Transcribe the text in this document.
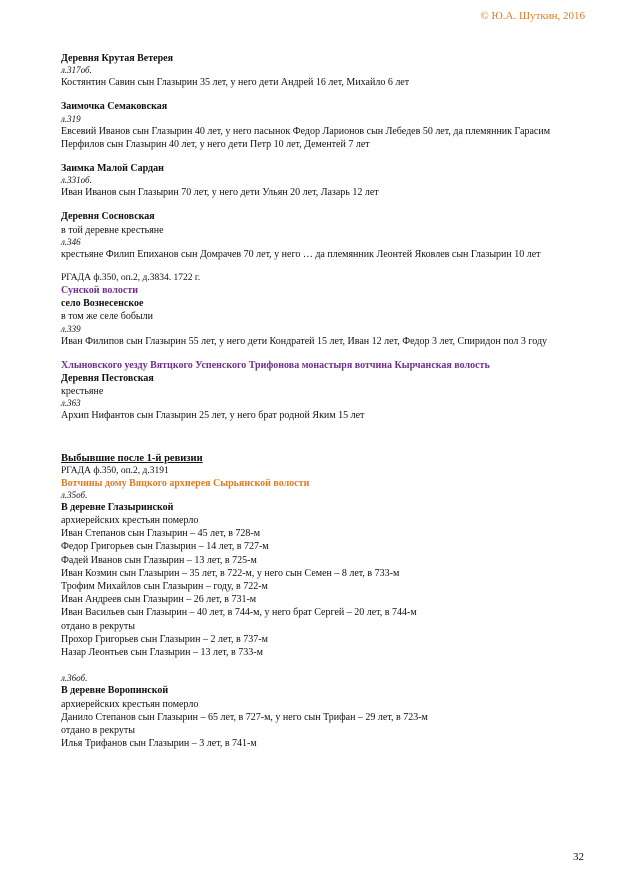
© Ю.А. Шуткин, 2016
Деревня Крутая Ветерея
л.317об.
Костянтин Савин сын Глазырин 35 лет, у него дети Андрей 16 лет, Михайло 6 лет
Заимочка Семаковская
л.319
Евсевий Иванов сын Глазырин 40 лет, у него пасынок Федор Ларионов сын Лебедев 50 лет, да племянник Гарасим Перфилов сын Глазырин 40 лет, у него дети Петр 10 лет, Дементей 7 лет
Заимка Малой Сардан
л.331об.
Иван Иванов сын Глазырин 70 лет, у него дети Ульян 20 лет, Лазарь 12 лет
Деревня Сосновская
в той деревне крестьяне
л.346
крестьяне Филип Епиханов сын Домрачев 70 лет, у него … да племянник Леонтей Яковлев сын Глазырин 10 лет
РГАДА ф.350, оп.2, д.3834. 1722 г.
Сунской волости
село Вознесенское
в том же селе бобыли
л.339
Иван Филипов сын Глазырин 55 лет, у него дети Кондратей 15 лет, Иван 12 лет, Федор 3 лет, Спиридон пол 3 году
Хлыновского уезду Вятцкого Успенского Трифонова монастыря вотчина Кырчанская волость
Деревня Пестовская
крестьяне
л.363
Архип Нифантов сын Глазырин 25 лет, у него брат родной Яким 15 лет
Выбывшие после 1-й ревизии
РГАДА ф.350, оп.2, д.3191
Вотчины дому Вяцкого архиерея Сырьянской волости
л.35об.
В деревне Глазыринской
архиерейских крестьян померло
Иван Степанов сын Глазырин – 45 лет, в 728-м
Федор Григорьев сын Глазырин – 14 лет, в 727-м
Фадей Иванов сын Глазырин – 13 лет, в 725-м
Иван Козмин сын Глазырин – 35 лет, в 722-м, у него сын Семен – 8 лет, в 733-м
Трофим Михайлов сын Глазырин – году, в 722-м
Иван Андреев сын Глазырин – 26 лет, в 731-м
Иван Васильев сын Глазырин – 40 лет, в 744-м, у него брат Сергей – 20 лет, в 744-м
отдано в рекруты
Прохор Григорьев сын Глазырин – 2 лет, в 737-м
Назар Леонтьев сын Глазырин – 13 лет, в 733-м
л.36об.
В деревне Воропинской
архиерейских крестьян померло
Данило Степанов сын Глазырин – 65 лет, в 727-м, у него сын Трифан – 29 лет, в 723-м
отдано в рекруты
Илья Трифанов сын Глазырин – 3 лет, в 741-м
32
